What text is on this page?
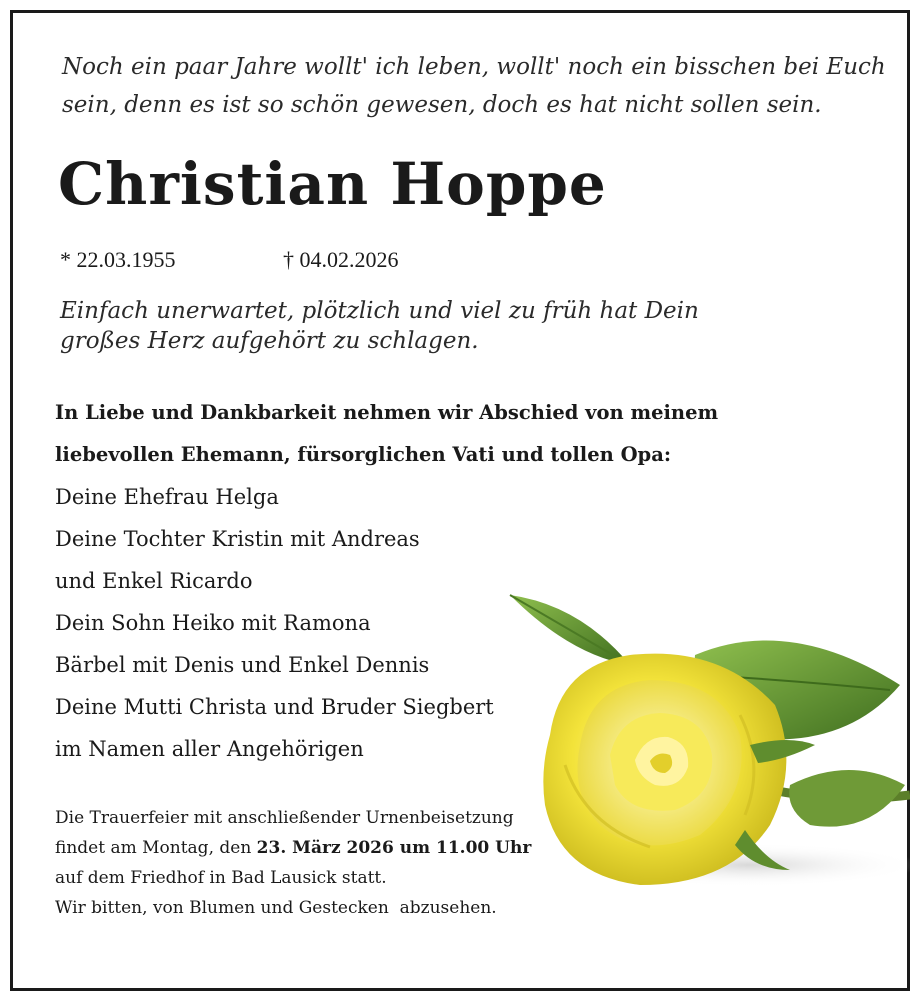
Noch ein paar Jahre wollt' ich leben, wollt' noch ein bisschen bei Euch
sein, denn es ist so schön gewesen, doch es hat nicht sollen sein.
Christian Hoppe
* 22.03.1955	† 04.02.2026
Einfach unerwartet, plötzlich und viel zu früh hat Dein
großes Herz aufgehört zu schlagen.
In Liebe und Dankbarkeit nehmen wir Abschied von meinem
liebevollen Ehemann, fürsorglichen Vati und tollen Opa:
Deine Ehefrau Helga
Deine Tochter Kristin mit Andreas
und Enkel Ricardo
Dein Sohn Heiko mit Ramona
Bärbel mit Denis und Enkel Dennis
Deine Mutti Christa und Bruder Siegbert
im Namen aller Angehörigen
Die Trauerfeier mit anschließender Urnenbeisetzung
findet am Montag, den 23. März 2026 um 11.00 Uhr
auf dem Friedhof in Bad Lausick statt.
Wir bitten, von Blumen und Gestecken  abzusehen.
